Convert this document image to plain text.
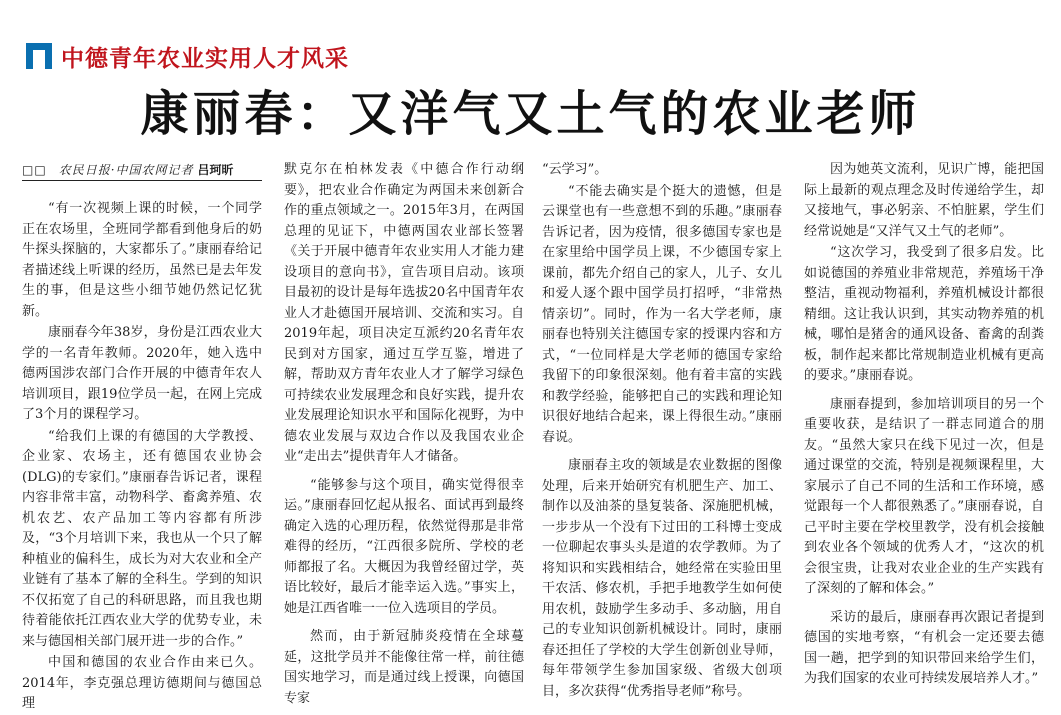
中德青年农业实用人才风采
康丽春：又洋气又土气的农业老师
□□ 农民日报·中国农网记者 吕珂昕

“有一次视频上课的时候，一个同学正在农场里，全班同学都看到他身后的奶牛探头探脑的，大家都乐了。”康丽春给记者描述线上听课的经历，虽然已是去年发生的事，但是这些小细节她仍然记忆犹新。

康丽春今年38岁，身份是江西农业大学的一名青年教师。2020年，她入选中德两国涉农部门合作开展的中德青年农人培训项目，跟19位学员一起，在网上完成了3个月的课程学习。

“给我们上课的有德国的大学教授、企业家、农场主，还有德国农业协会(DLG)的专家们。”康丽春告诉记者，课程内容非常丰富，动物科学、畜禽养殖、农机农艺、农产品加工等内容都有所涉及，“3个月培训下来，我也从一个只了解种植业的偏科生，成长为对大农业和全产业链有了基本了解的全科生。学到的知识不仅拓宽了自己的科研思路，而且我也期待着能依托江西农业大学的优势专业，未来与德国相关部门展开进一步的合作。”

中国和德国的农业合作由来已久。2014年，李克强总理访德期间与德国总理

默克尔在柏林发表《中德合作行动纲要》，把农业合作确定为两国未来创新合作的重点领域之一。2015年3月，在两国总理的见证下，中德两国农业部长签署《关于开展中德青年农业实用人才能力建设项目的意向书》，宣告项目启动。该项目最初的设计是每年选拔20名中国青年农业人才赴德国开展培训、交流和实习。自2019年起，项目决定互派约20名青年农民到对方国家，通过互学互鉴，增进了解，帮助双方青年农业人才了解学习绿色可持续农业发展理念和良好实践，提升农业发展理论知识水平和国际化视野，为中德农业发展与双边合作以及我国农业企业“走出去”提供青年人才储备。

“能够参与这个项目，确实觉得很幸运。”康丽春回忆起从报名、面试再到最终确定入选的心理历程，依然觉得那是非常难得的经历，“江西很多院所、学校的老师都报了名。大概因为我曾经留过学，英语比较好，最后才能幸运入选。”事实上，她是江西省唯一一位入选项目的学员。

然而，由于新冠肺炎疫情在全球蔓延，这批学员并不能像往常一样，前往德国实地学习，而是通过线上授课，向德国专家

“云学习”。

“不能去确实是个挺大的遗憾，但是云课堂也有一些意想不到的乐趣。”康丽春告诉记者，因为疫情，很多德国专家也是在家里给中国学员上课，不少德国专家上课前，都先介绍自己的家人，儿子、女儿和爱人逐个跟中国学员打招呼，“非常热情亲切”。同时，作为一名大学老师，康丽春也特别关注德国专家的授课内容和方式，“一位同样是大学老师的德国专家给我留下的印象很深刻。他有着丰富的实践和教学经验，能够把自己的实践和理论知识很好地结合起来，课上得很生动。”康丽春说。

康丽春主攻的领域是农业数据的图像处理，后来开始研究有机肥生产、加工、制作以及油茶的垦复装备、深施肥机械，一步步从一个没有下过田的工科博士变成一位聊起农事头头是道的农学教师。为了将知识和实践相结合，她经常在实验田里干农活、修农机，手把手地教学生如何使用农机，鼓励学生多动手、多动脑，用自己的专业知识创新机械设计。同时，康丽春还担任了学校的大学生创新创业导师，每年带领学生参加国家级、省级大创项目，多次获得“优秀指导老师”称号。

因为她英文流利，见识广博，能把国际上最新的观点理念及时传递给学生，却又接地气，事必躬亲、不怕脏累，学生们经常说她是“又洋气又土气的老师”。

“这次学习，我受到了很多启发。比如说德国的养殖业非常规范，养殖场干净整洁，重视动物福利，养殖机械设计都很精细。这让我认识到，其实动物养殖的机械，哪怕是猪舍的通风设备、畜禽的刮粪板，制作起来都比常规制造业机械有更高的要求。”康丽春说。

康丽春提到，参加培训项目的另一个重要收获，是结识了一群志同道合的朋友。“虽然大家只在线下见过一次，但是通过课堂的交流，特别是视频课程里，大家展示了自己不同的生活和工作环境，感觉跟每一个人都很熟悉了。”康丽春说，自己平时主要在学校里教学，没有机会接触到农业各个领域的优秀人才，“这次的机会很宝贵，让我对农业企业的生产实践有了深刻的了解和体会。”

采访的最后，康丽春再次跟记者提到德国的实地考察，“有机会一定还要去德国一趟，把学到的知识带回来给学生们，为我们国家的农业可持续发展培养人才。”
